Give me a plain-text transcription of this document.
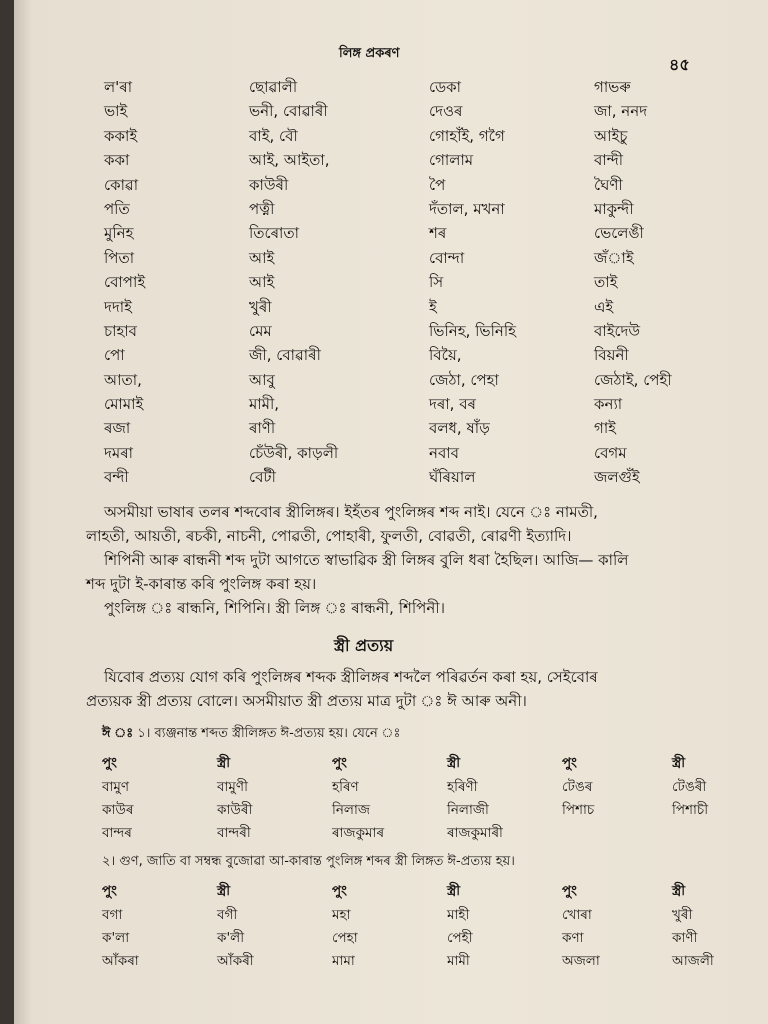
লিঙ্গ প্ৰকৰণ
৪৫
ল'ৰা	ছোৱালী	ডেকা	গাভৰু
ভাই	ভনী, বোৱাৰী	দেওৰ	জা, ননদ
ককাই	বাই, বৌ	গোহাঁই, গগৈ	আইচু
ককা	আই, আইতা,	গোলাম	বান্দী
কোৱা	কাউৰী	পৈ	ঘৈণী
পতি	পত্নী	দঁতাল, মখনা	মাকুন্দী
মুনিহ	তিৰোতা	শৰ	ভেলেঙী
পিতা	আই	বোন্দা	জঁাই
বোপাই	আই	সি	তাই
দদাই	খুৰী	ই	এই
চাহাব	মেম	ভিনিহ, ভিনিহি	বাইদেউ
পো	জী, বোৱাৰী	বিয়ৈ,	বিয়নী
আতা,	আবু	জেঠা, পেহা	জেঠাই, পেহী
মোমাই	মামী,	দৰা, বৰ	কন্যা
ৰজা	ৰাণী	বলধ, ষাঁড়	গাই
দমৰা	চেঁউৰী, কাড়লী	নবাব	বেগম
বন্দী	বেটী	ঘঁৰিয়াল	জলগুঁই
অসমীয়া ভাষাৰ তলৰ শব্দবোৰ স্ত্রীলিঙ্গৰ। ইহঁতৰ পুংলিঙ্গৰ শব্দ নাই। যেনে ঃ নামতী,
লাহতী, আয়তী, ৰচকী, নাচনী, পোৱতী, পোহাৰী, ফুলতী, বোৱতী, ৰোৱণী ইত্যাদি।
শিপিনী আৰু ৰান্ধনী শব্দ দুটা আগতে স্বাভাৱিক স্ত্রী লিঙ্গৰ বুলি ধৰা হৈছিল। আজি— কালি
শব্দ দুটা ই-কাৰান্ত কৰি পুংলিঙ্গ কৰা হয়।
পুংলিঙ্গ ঃ ৰান্ধনি, শিপিনি। স্ত্রী লিঙ্গ ঃ ৰান্ধনী, শিপিনী।
স্ত্রী প্ৰত্যয়
যিবোৰ প্ৰত্যয় যোগ কৰি পুংলিঙ্গৰ শব্দক স্ত্রীলিঙ্গৰ শব্দলৈ পৰিৱৰ্তন কৰা হয়, সেইবোৰ
প্ৰত্যয়ক স্ত্রী প্ৰত্যয় বোলে। অসমীয়াত স্ত্রী প্ৰত্যয় মাত্ৰ দুটা ঃ ঈ আৰু অনী।
ঈ ঃ ১। ব্যঞ্জনান্ত শব্দত স্ত্রীলিঙ্গত ঈ-প্ৰত্যয় হয়। যেনে ঃ
পুং	স্ত্রী	পুং	স্ত্রী	পুং	স্ত্রী
বামুণ	বামুণী	হৰিণ	হৰিণী	টেঙৰ	টেঙৰী
কাউৰ	কাউৰী	নিলাজ	নিলাজী	পিশাচ	পিশাচী
বান্দৰ	বান্দৰী	ৰাজকুমাৰ	ৰাজকুমাৰী
২। গুণ, জাতি বা সম্বন্ধ বুজোৱা আ-কাৰান্ত পুংলিঙ্গ শব্দৰ স্ত্রী লিঙ্গত ঈ-প্ৰত্যয় হয়।
পুং	স্ত্রী	পুং	স্ত্রী	পুং	স্ত্রী
বগা	বগী	মহা	মাহী	খোৰা	খুৰী
ক'লা	ক'লী	পেহা	পেহী	কণা	কাণী
আঁকৰা	আঁকৰী	মামা	মামী	অজলা	আজলী
